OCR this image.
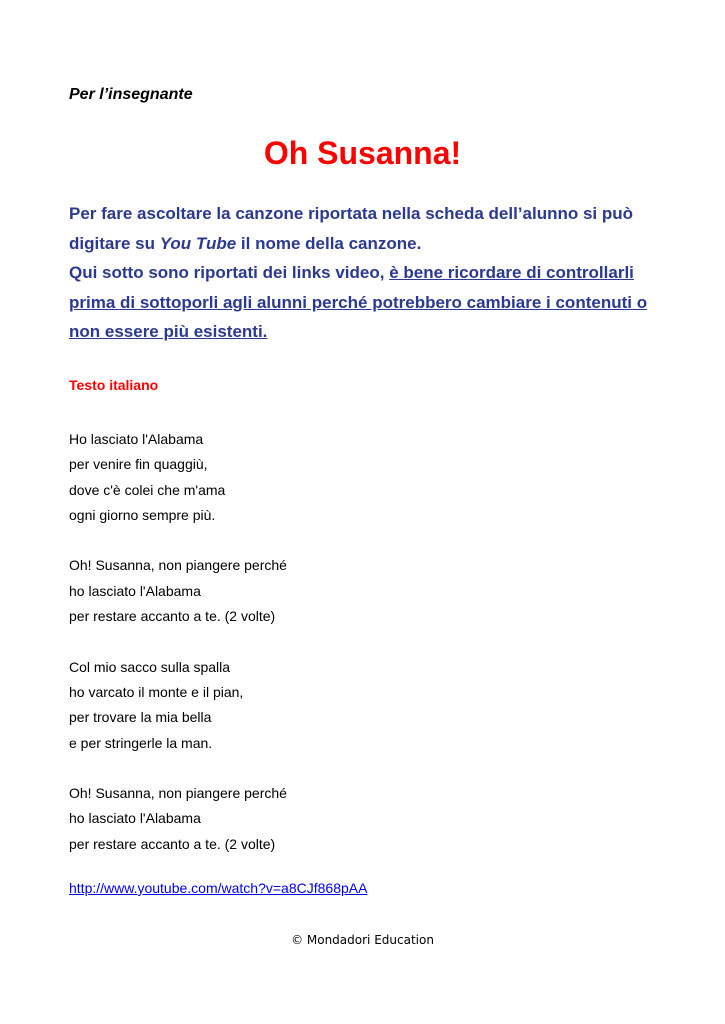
Per l’insegnante
Oh Susanna!
Per fare ascoltare la canzone riportata nella scheda dell’alunno si può
digitare su You Tube il nome della canzone.
Qui sotto sono riportati dei links video, è bene ricordare di controllarli
prima di sottoporli agli alunni perché potrebbero cambiare i contenuti o
non essere più esistenti.
Testo italiano
Ho lasciato l'Alabama
per venire fin quaggiù,
dove c'è colei che m'ama
ogni giorno sempre più.
Oh! Susanna, non piangere perché
ho lasciato l'Alabama
per restare accanto a te. (2 volte)
Col mio sacco sulla spalla
ho varcato il monte e il pian,
per trovare la mia bella
e per stringerle la man.
Oh! Susanna, non piangere perché
ho lasciato l'Alabama
per restare accanto a te. (2 volte)
http://www.youtube.com/watch?v=a8CJf868pAA
© Mondadori Education
